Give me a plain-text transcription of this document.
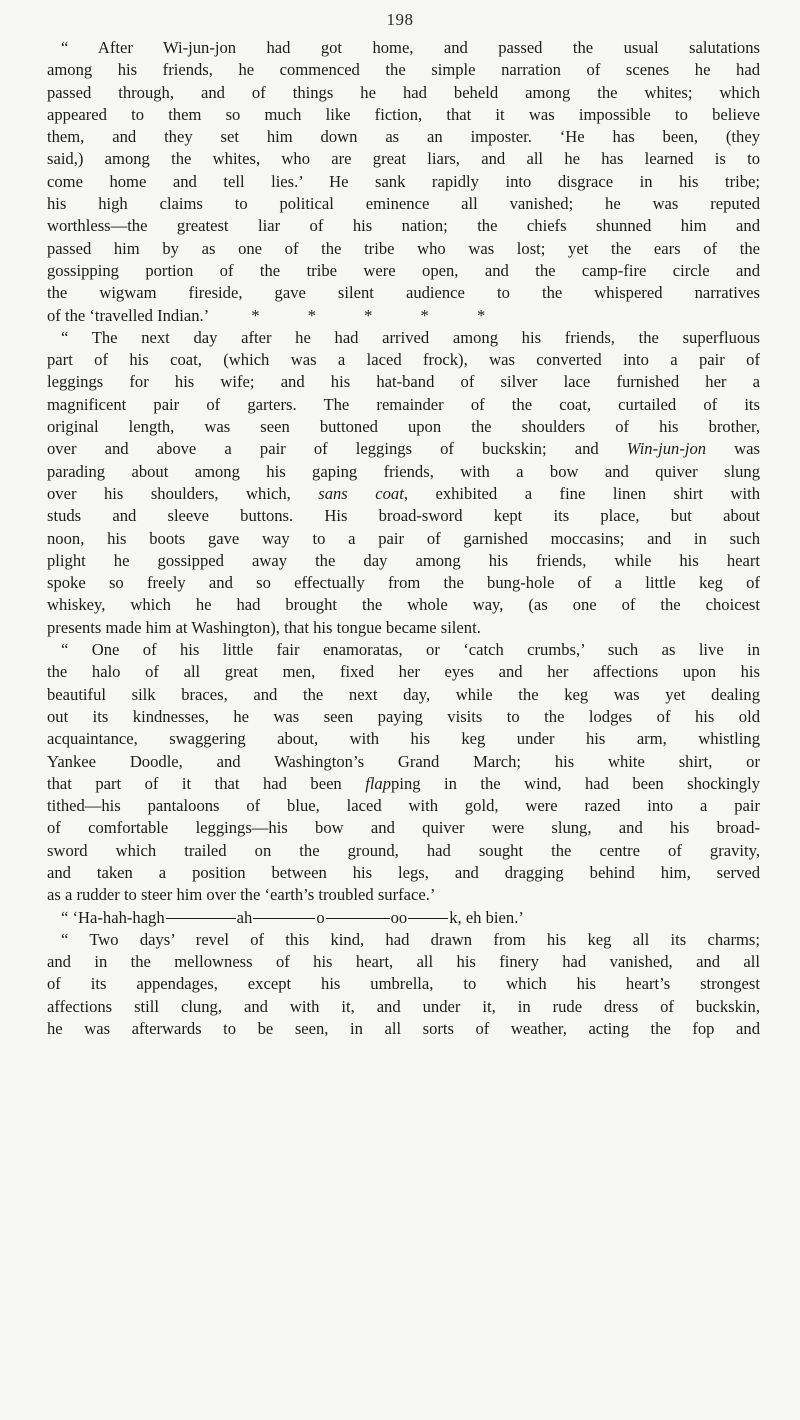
198
“ After Wi-jun-jon had got home, and passed the usual salutations
among his friends, he commenced the simple narration of scenes he had
passed through, and of things he had beheld among the whites; which
appeared to them so much like fiction, that it was impossible to believe
them, and they set him down as an imposter. ‘He has been, (they
said,) among the whites, who are great liars, and all he has learned is to
come home and tell lies.’ He sank rapidly into disgrace in his tribe;
his high claims to political eminence all vanished; he was reputed
worthless—the greatest liar of his nation; the chiefs shunned him and
passed him by as one of the tribe who was lost; yet the ears of the
gossipping portion of the tribe were open, and the camp-fire circle and
the wigwam fireside, gave silent audience to the whispered narratives
of the ‘travelled Indian.’	* * * * *
“ The next day after he had arrived among his friends, the superfluous
part of his coat, (which was a laced frock), was converted into a pair of
leggings for his wife; and his hat-band of silver lace furnished her a
magnificent pair of garters. The remainder of the coat, curtailed of its
original length, was seen buttoned upon the shoulders of his brother,
over and above a pair of leggings of buckskin; and Win-jun-jon was
parading about among his gaping friends, with a bow and quiver slung
over his shoulders, which, sans coat, exhibited a fine linen shirt with
studs and sleeve buttons. His broad-sword kept its place, but about
noon, his boots gave way to a pair of garnished moccasins; and in such
plight he gossipped away the day among his friends, while his heart
spoke so freely and so effectually from the bung-hole of a little keg of
whiskey, which he had brought the whole way, (as one of the choicest
presents made him at Washington), that his tongue became silent.
“ One of his little fair enamoratas, or ‘catch crumbs,’ such as live in
the halo of all great men, fixed her eyes and her affections upon his
beautiful silk braces, and the next day, while the keg was yet dealing
out its kindnesses, he was seen paying visits to the lodges of his old
acquaintance, swaggering about, with his keg under his arm, whistling
Yankee Doodle, and Washington’s Grand March; his white shirt, or
that part of it that had been flapping in the wind, had been shockingly
tithed—his pantaloons of blue, laced with gold, were razed into a pair
of comfortable leggings—his bow and quiver were slung, and his broad-
sword which trailed on the ground, had sought the centre of gravity,
and taken a position between his legs, and dragging behind him, served
as a rudder to steer him over the ‘earth’s troubled surface.’
“ ‘Ha-hah-hagh	ah	o	oo	k, eh bien.’
“ Two days’ revel of this kind, had drawn from his keg all its charms;
and in the mellowness of his heart, all his finery had vanished, and all
of its appendages, except his umbrella, to which his heart’s strongest
affections still clung, and with it, and under it, in rude dress of buckskin,
he was afterwards to be seen, in all sorts of weather, acting the fop and
